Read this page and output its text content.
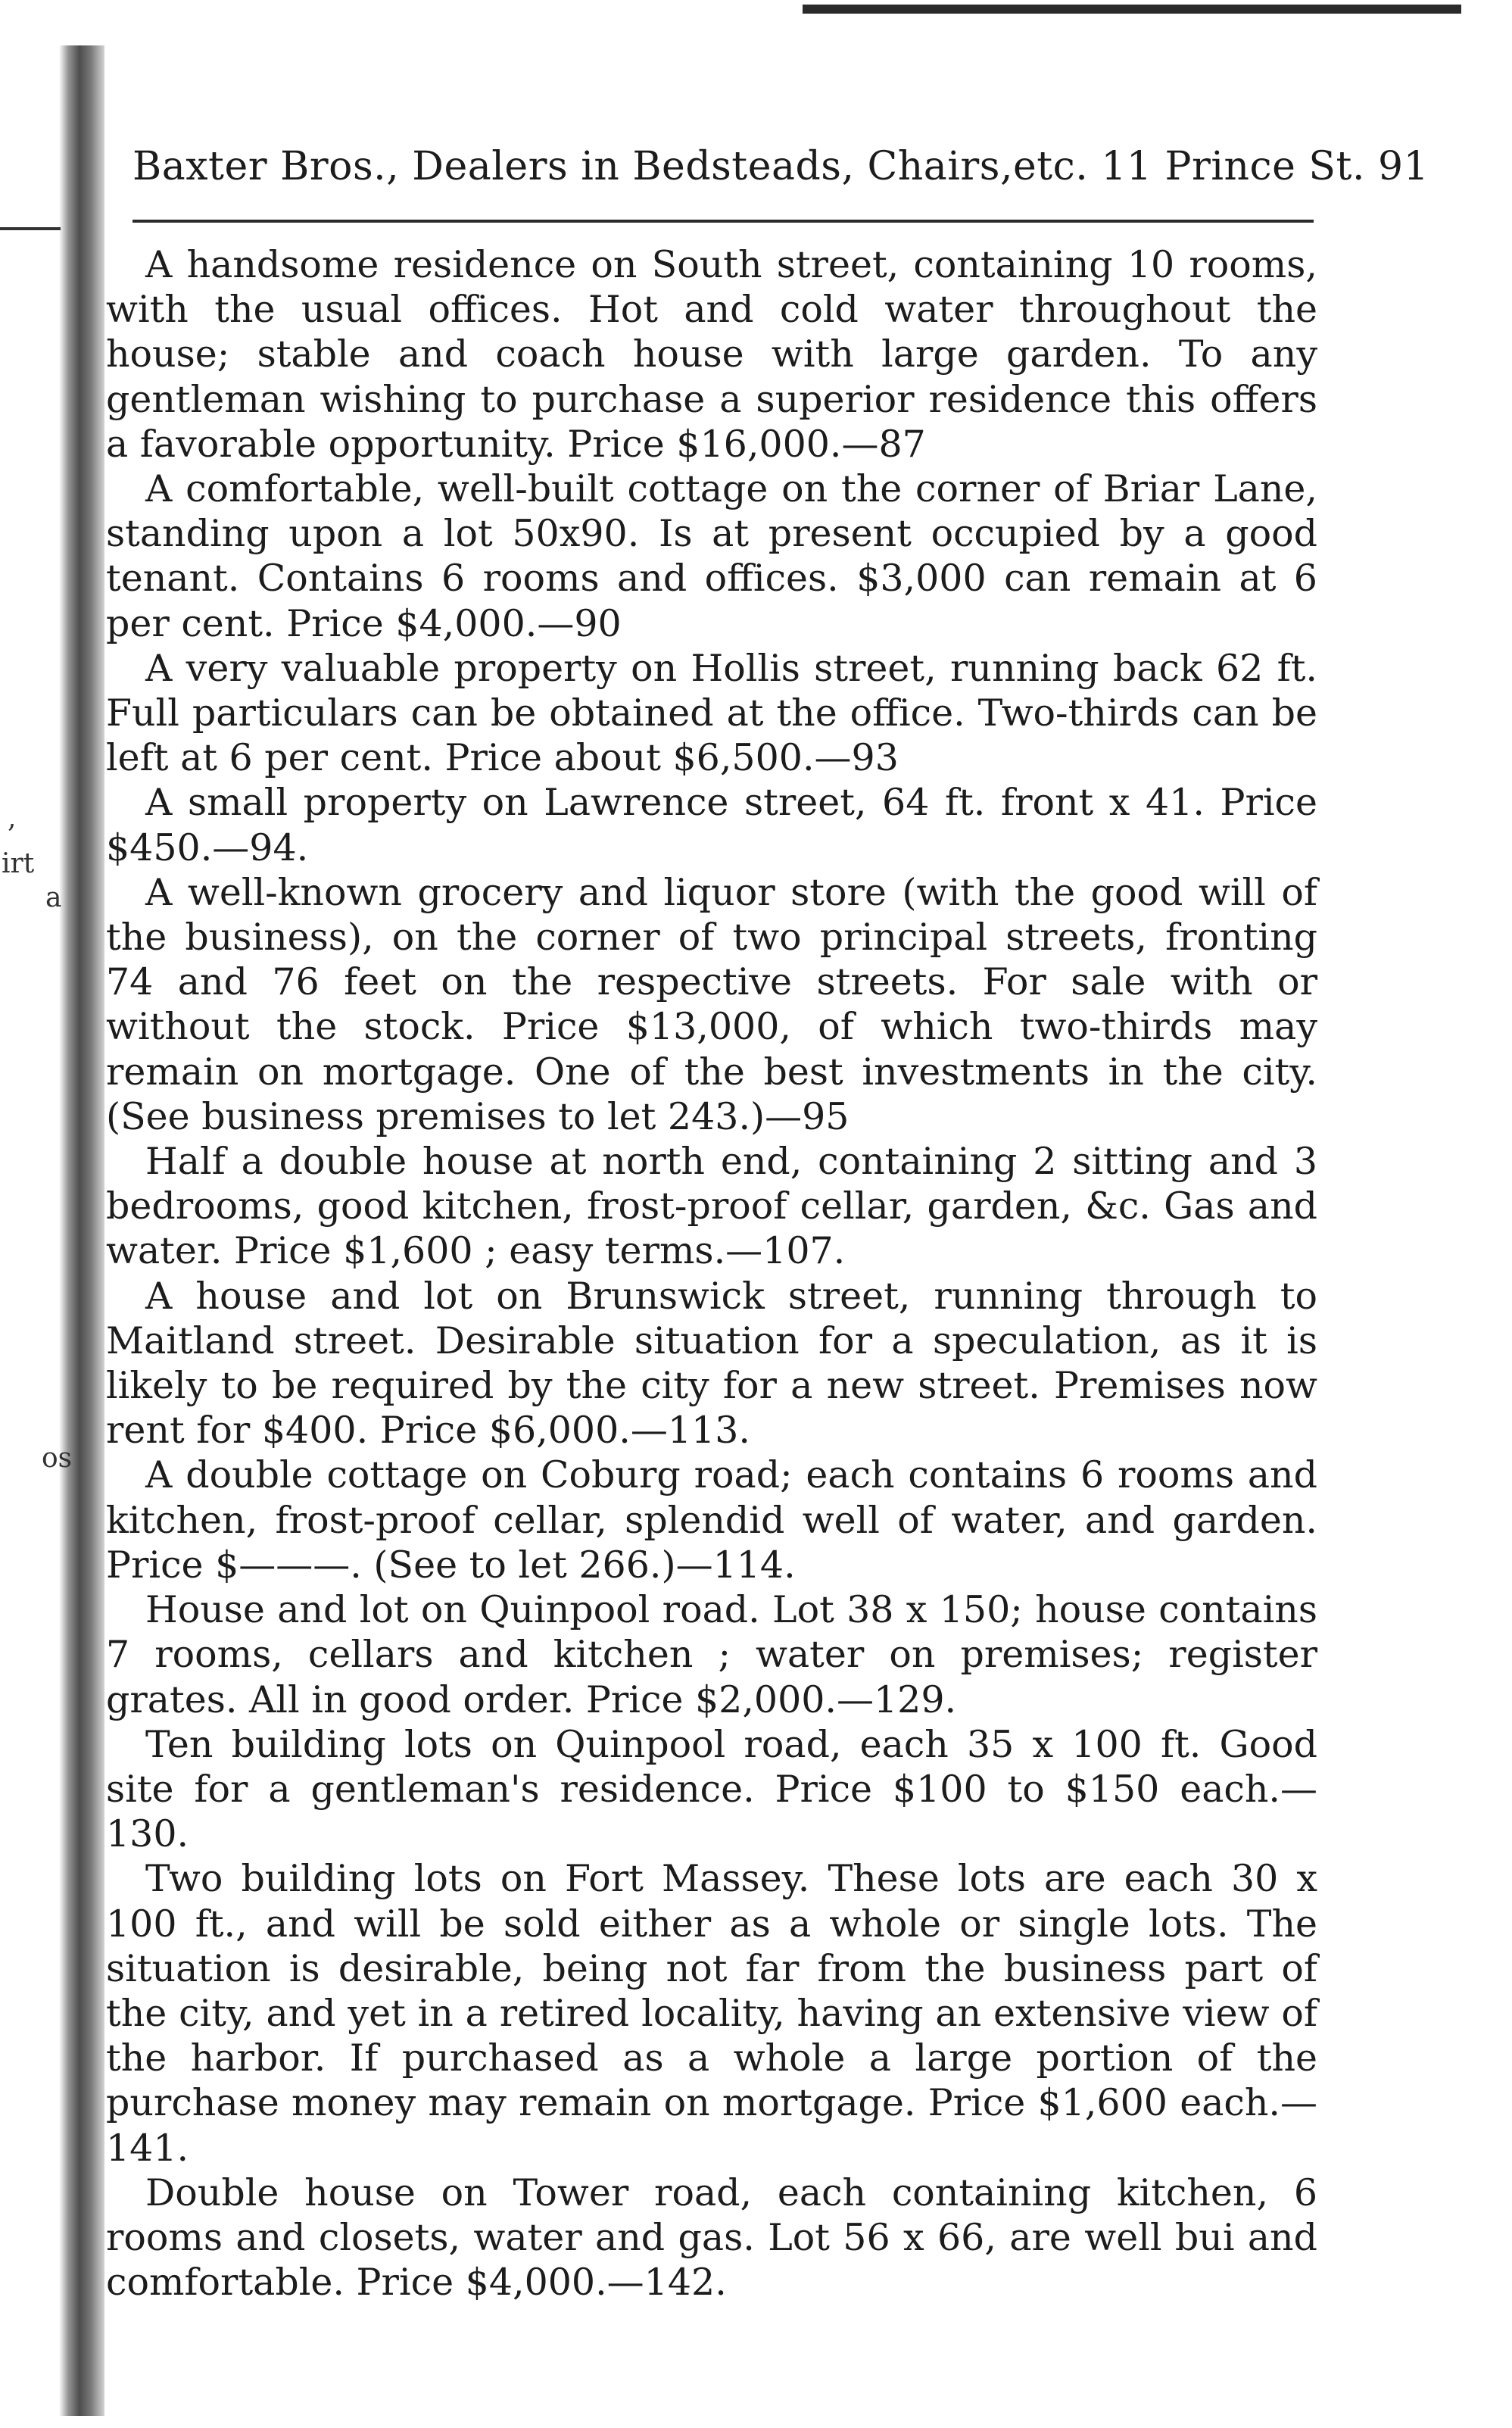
,
irt
a
os
Baxter Bros., Dealers in Bedsteads, Chairs,etc. 11 Prince St. 91

A handsome residence on South street, containing 10 rooms, with the usual offices. Hot and cold water throughout the house; stable and coach house with large garden. To any gentleman wishing to purchase a superior residence this offers a favorable opportunity. Price $16,000.—87

A comfortable, well-built cottage on the corner of Briar Lane, standing upon a lot 50x90. Is at present occupied by a good tenant. Contains 6 rooms and offices. $3,000 can remain at 6 per cent. Price $4,000.—90

A very valuable property on Hollis street, running back 62 ft. Full particulars can be obtained at the office. Two-thirds can be left at 6 per cent. Price about $6,500.—93

A small property on Lawrence street, 64 ft. front x 41. Price $450.—94.

A well-known grocery and liquor store (with the good will of the business), on the corner of two principal streets, fronting 74 and 76 feet on the respective streets. For sale with or without the stock. Price $13,000, of which two-thirds may remain on mortgage. One of the best investments in the city. (See business premises to let 243.)—95

Half a double house at north end, containing 2 sitting and 3 bedrooms, good kitchen, frost-proof cellar, garden, &c. Gas and water. Price $1,600 ; easy terms.—107.

A house and lot on Brunswick street, running through to Maitland street. Desirable situation for a speculation, as it is likely to be required by the city for a new street. Premises now rent for $400. Price $6,000.—113.

A double cottage on Coburg road; each contains 6 rooms and kitchen, frost-proof cellar, splendid well of water, and garden. Price $———. (See to let 266.)—114.

House and lot on Quinpool road. Lot 38 x 150; house contains 7 rooms, cellars and kitchen ; water on premises; register grates. All in good order. Price $2,000.—129.

Ten building lots on Quinpool road, each 35 x 100 ft. Good site for a gentleman's residence. Price $100 to $150 each.—130.

Two building lots on Fort Massey. These lots are each 30 x 100 ft., and will be sold either as a whole or single lots. The situation is desirable, being not far from the business part of the city, and yet in a retired locality, having an extensive view of the harbor. If purchased as a whole a large portion of the purchase money may remain on mortgage. Price $1,600 each.—141.

Double house on Tower road, each containing kitchen, 6 rooms and closets, water and gas. Lot 56 x 66, are well bui and comfortable. Price $4,000.—142.
